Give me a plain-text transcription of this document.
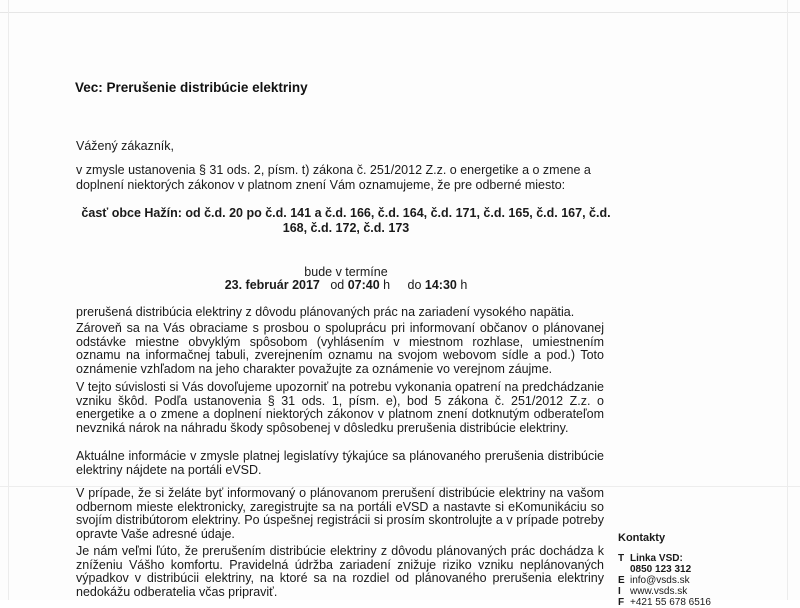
Vec: Prerušenie distribúcie elektriny
Vážený zákazník,
v zmysle ustanovenia § 31 ods. 2, písm. t) zákona č. 251/2012 Z.z. o energetike a o zmene a doplnení niektorých zákonov v platnom znení Vám oznamujeme, že pre odberné miesto:
časť obce Hažín: od č.d. 20 po č.d. 141 a č.d. 166, č.d. 164, č.d. 171, č.d. 165, č.d. 167, č.d. 168, č.d. 172, č.d. 173
bude v termíne
23. február 2017 od 07:40 h do 14:30 h
prerušená distribúcia elektriny z dôvodu plánovaných prác na zariadení vysokého napätia.
Zároveň sa na Vás obraciame s prosbou o spoluprácu pri informovaní občanov o plánovanej odstávke miestne obvyklým spôsobom (vyhlásením v miestnom rozhlase, umiestnením oznamu na informačnej tabuli, zverejnením oznamu na svojom webovom sídle a pod.) Toto oznámenie vzhľadom na jeho charakter považujte za oznámenie vo verejnom záujme.
V tejto súvislosti si Vás dovoľujeme upozorniť na potrebu vykonania opatrení na predchádzanie vzniku škôd. Podľa ustanovenia § 31 ods. 1, písm. e), bod 5 zákona č. 251/2012 Z.z. o energetike a o zmene a doplnení niektorých zákonov v platnom znení dotknutým odberateľom nevzniká nárok na náhradu škody spôsobenej v dôsledku prerušenia distribúcie elektriny.
Aktuálne informácie v zmysle platnej legislatívy týkajúce sa plánovaného prerušenia distribúcie elektriny nájdete na portáli eVSD.
V prípade, že si želáte byť informovaný o plánovanom prerušení distribúcie elektriny na vašom odbernom mieste elektronicky, zaregistrujte sa na portáli eVSD a nastavte si eKomunikáciu so svojím distribútorom elektriny. Po úspešnej registrácii si prosím skontrolujte a v prípade potreby opravte Vaše adresné údaje.
Je nám veľmi ľúto, že prerušením distribúcie elektriny z dôvodu plánovaných prác dochádza k zníženiu Vášho komfortu. Pravidelná údržba zariadení znižuje riziko vzniku neplánovaných výpadkov v distribúcii elektriny, na ktoré sa na rozdiel od plánovaného prerušenia elektriny nedokážu odberatelia včas pripraviť.
Kontakty
T Linka VSD:
0850 123 312
E info@vsds.sk
I www.vsds.sk
F +421 55 678 6516
